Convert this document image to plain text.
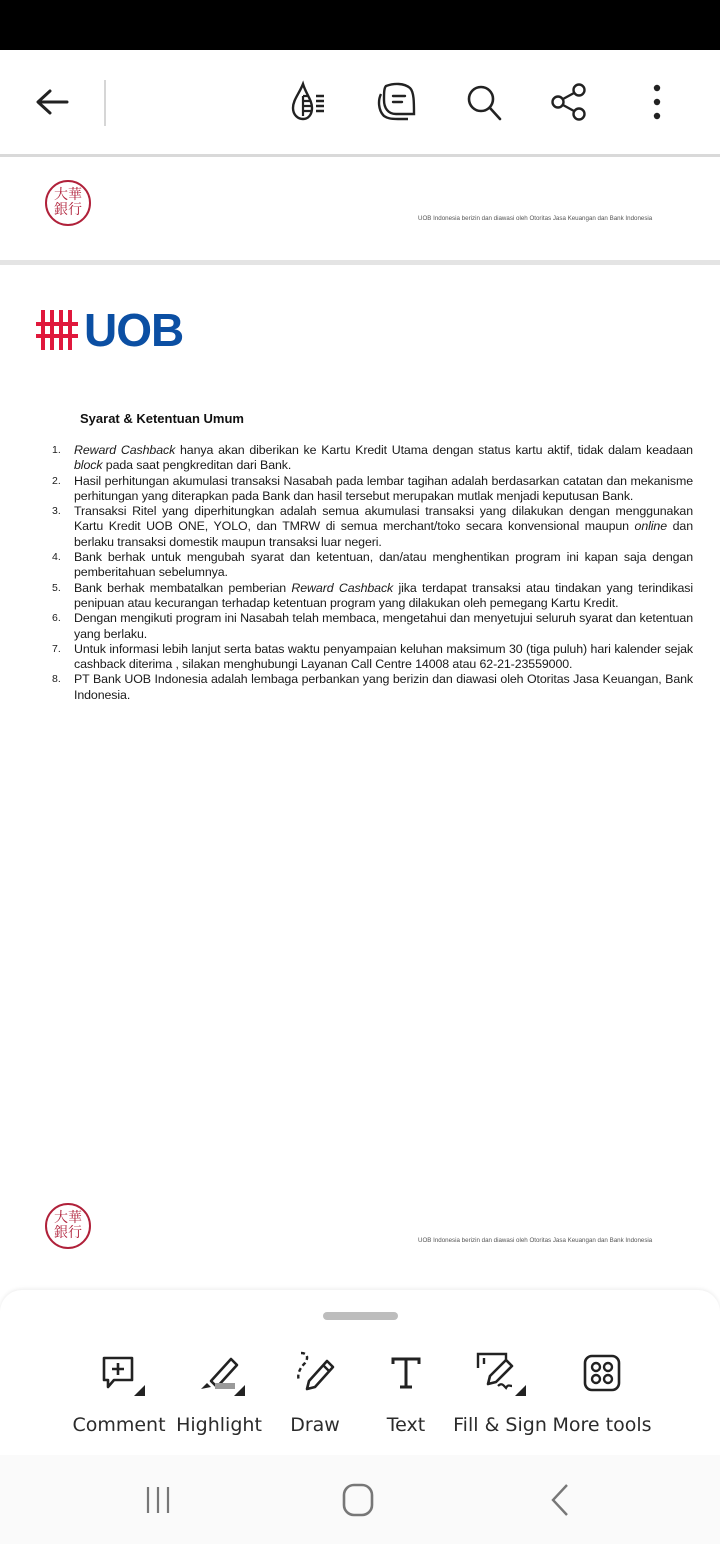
大華銀行
UOB Indonesia berizin dan diawasi oleh Otoritas Jasa Keuangan dan Bank Indonesia
UOB
Syarat & Ketentuan Umum
1.	Reward Cashback hanya akan diberikan ke Kartu Kredit Utama dengan status kartu aktif, tidak dalam keadaan block pada saat pengkreditan dari Bank.
2.	Hasil perhitungan akumulasi transaksi Nasabah pada lembar tagihan adalah berdasarkan catatan dan mekanisme perhitungan yang diterapkan pada Bank dan hasil tersebut merupakan mutlak menjadi keputusan Bank.
3.	Transaksi Ritel yang diperhitungkan adalah semua akumulasi transaksi yang dilakukan dengan menggunakan Kartu Kredit UOB ONE, YOLO, dan TMRW di semua merchant/toko secara konvensional maupun online dan berlaku transaksi domestik maupun transaksi luar negeri.
4.	Bank berhak untuk mengubah syarat dan ketentuan, dan/atau menghentikan program ini kapan saja dengan pemberitahuan sebelumnya.
5.	Bank berhak membatalkan pemberian Reward Cashback jika terdapat transaksi atau tindakan yang terindikasi penipuan atau kecurangan terhadap ketentuan program yang dilakukan oleh pemegang Kartu Kredit.
6.	Dengan mengikuti program ini Nasabah telah membaca, mengetahui dan menyetujui seluruh syarat dan ketentuan yang berlaku.
7.	Untuk informasi lebih lanjut serta batas waktu penyampaian keluhan maksimum 30 (tiga puluh) hari kalender sejak cashback diterima , silakan menghubungi Layanan Call Centre 14008 atau 62-21-23559000.
8.	PT Bank UOB Indonesia adalah lembaga perbankan yang berizin dan diawasi oleh Otoritas Jasa Keuangan, Bank Indonesia.
大華銀行	UOB Indonesia berizin dan diawasi oleh Otoritas Jasa Keuangan dan Bank Indonesia
Comment Highlight Draw Text Fill & Sign More tools
